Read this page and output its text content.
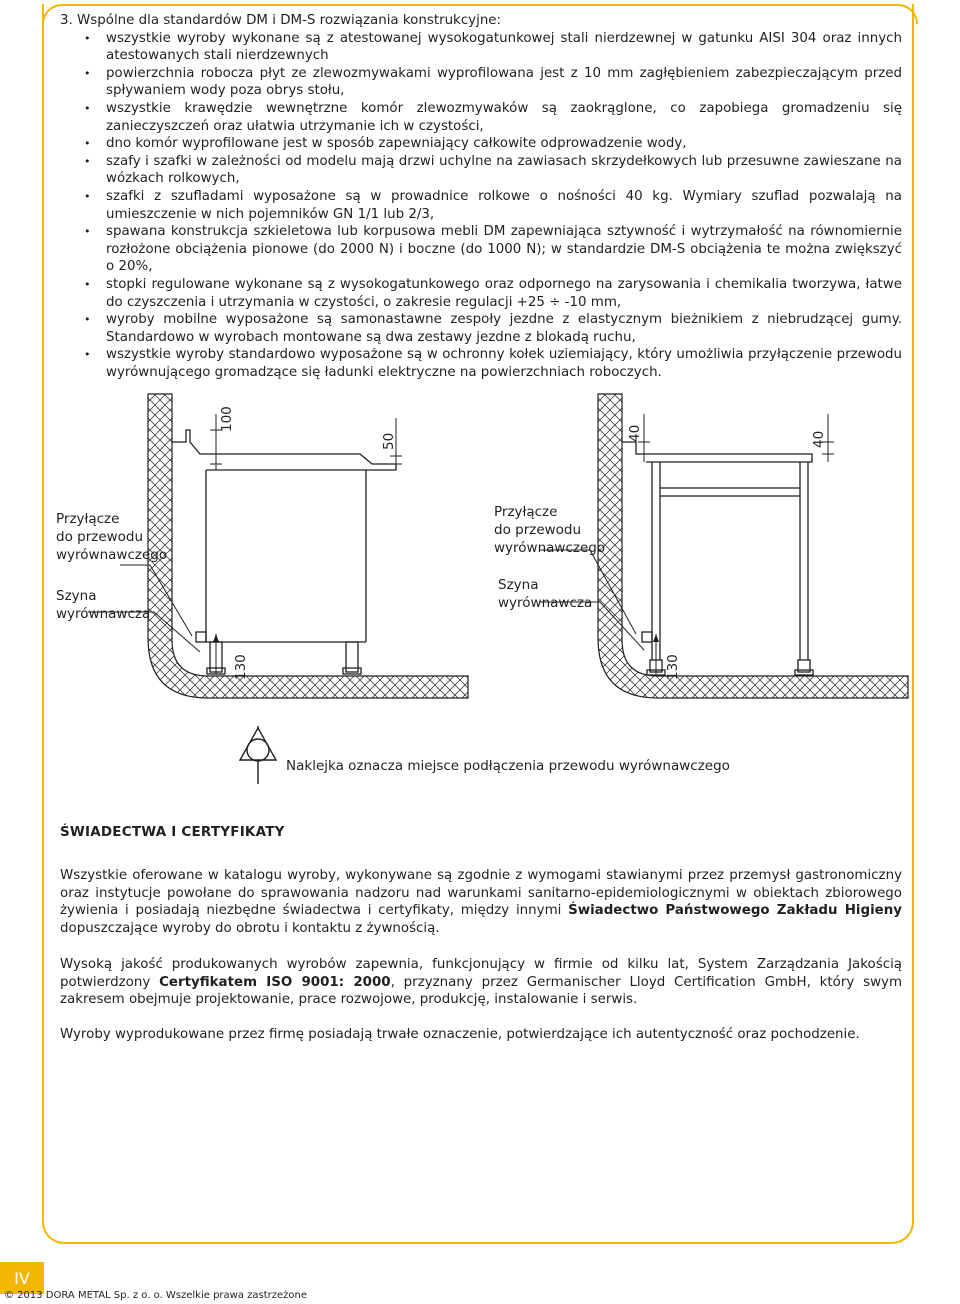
3. Wspólne dla standardów DM i DM-S rozwiązania konstrukcyjne:
• wszystkie wyroby wykonane są z atestowanej wysokogatunkowej stali nierdzewnej w gatunku AISI 304 oraz innych atestowanych stali nierdzewnych
• powierzchnia robocza płyt ze zlewozmywakami wyprofilowana jest z 10 mm zagłębieniem zabezpieczającym przed spływaniem wody poza obrys stołu,
• wszystkie krawędzie wewnętrzne komór zlewozmywaków są zaokrąglone, co zapobiega gromadzeniu się zanieczyszczeń oraz ułatwia utrzymanie ich w czystości,
• dno komór wyprofilowane jest w sposób zapewniający całkowite odprowadzenie wody,
• szafy i szafki w zależności od modelu mają drzwi uchylne na zawiasach skrzydełkowych lub przesuwne zawieszane na wózkach rolkowych,
• szafki z szufladami wyposażone są w prowadnice rolkowe o nośności 40 kg. Wymiary szuflad pozwalają na umieszczenie w nich pojemników GN 1/1 lub 2/3,
• spawana konstrukcja szkieletowa lub korpusowa mebli DM zapewniająca sztywność i wytrzymałość na równomiernie rozłożone obciążenia pionowe (do 2000 N) i boczne (do 1000 N); w standardzie DM-S obciążenia te można zwiększyć o 20%,
• stopki regulowane wykonane są z wysokogatunkowego oraz odpornego na zarysowania i chemikalia tworzywa, łatwe do czyszczenia i utrzymania w czystości, o zakresie regulacji +25 ÷ -10 mm,
• wyroby mobilne wyposażone są samonastawne zespoły jezdne z elastycznym bieżnikiem z niebrudzącej gumy. Standardowo w wyrobach montowane są dwa zestawy jezdne z blokadą ruchu,
• wszystkie wyroby standardowo wyposażone są w ochronny kołek uziemiający, który umożliwia przyłączenie przewodu wyrównującego gromadzące się ładunki elektryczne na powierzchniach roboczych.
100
50
130
40	40
130
Przyłącze
do przewodu
wyrównawczego
Szyna
wyrównawcza
Przyłącze
do przewodu
wyrównawczego
Szyna
wyrównawcza
Naklejka oznacza miejsce podłączenia przewodu wyrównawczego
ŚWIADECTWA I CERTYFIKATY
Wszystkie oferowane w katalogu wyroby, wykonywane są zgodnie z wymogami stawianymi przez przemysł gastronomiczny oraz instytucje powołane do sprawowania nadzoru nad warunkami sanitarno-epidemiologicznymi w obiektach zbiorowego żywienia i posiadają niezbędne świadectwa i certyfikaty, między innymi Świadectwo Państwowego Zakładu Higieny dopuszczające wyroby do obrotu i kontaktu z żywnością.
Wysoką jakość produkowanych wyrobów zapewnia, funkcjonujący w firmie od kilku lat, System Zarządzania Jakością potwierdzony Certyfikatem ISO 9001: 2000, przyznany przez Germanischer Lloyd Certification GmbH, który swym zakresem obejmuje projektowanie, prace rozwojowe, produkcję, instalowanie i serwis.
Wyroby wyprodukowane przez firmę posiadają trwałe oznaczenie, potwierdzające ich autentyczność oraz pochodzenie.
IV
© 2013 DORA METAL Sp. z o. o. Wszelkie prawa zastrzeżone
